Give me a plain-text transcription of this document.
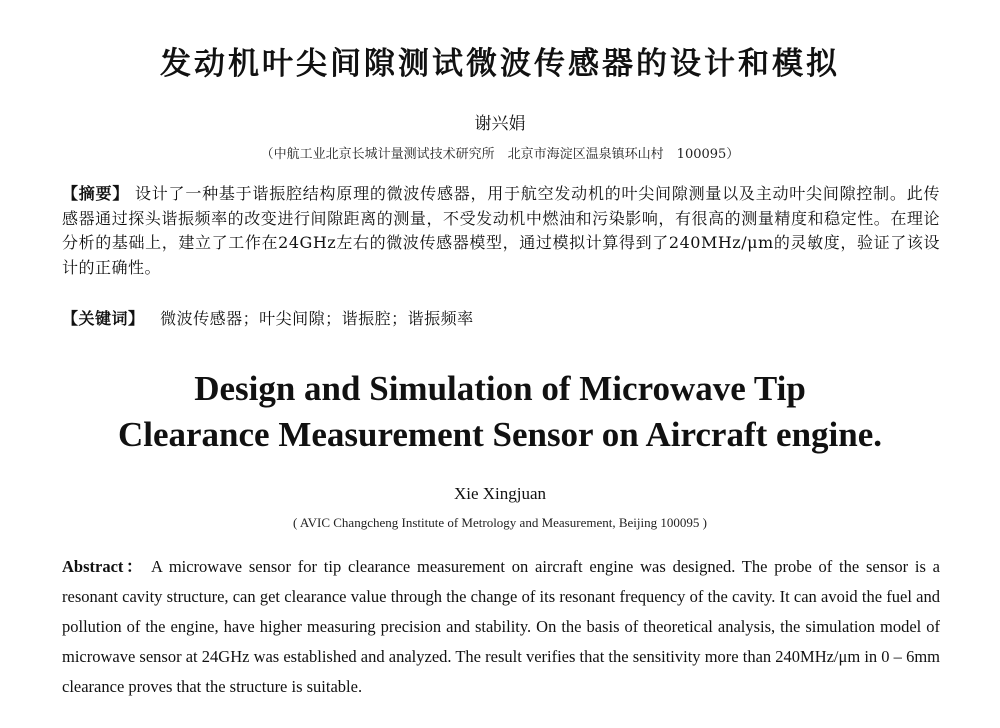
发动机叶尖间隙测试微波传感器的设计和模拟
谢兴娟
（中航工业北京长城计量测试技术研究所　北京市海淀区温泉镇环山村　100095）

【摘要】 设计了一种基于谐振腔结构原理的微波传感器，用于航空发动机的叶尖间隙测量以及主动叶尖间隙控制。此传感器通过探头谐振频率的改变进行间隙距离的测量，不受发动机中燃油和污染影响，有很高的测量精度和稳定性。在理论分析的基础上，建立了工作在24GHz左右的微波传感器模型，通过模拟计算得到了240MHz/μm的灵敏度，验证了该设计的正确性。

【关键词】 微波传感器；叶尖间隙；谐振腔；谐振频率
Design and Simulation of Microwave Tip
Clearance Measurement Sensor on Aircraft engine.
Xie Xingjuan
( AVIC Changcheng Institute of Metrology and Measurement, Beijing 100095 )

Abstract： A microwave sensor for tip clearance measurement on aircraft engine was designed. The probe of the sensor is a resonant cavity structure, can get clearance value through the change of its resonant frequency of the cavity. It can avoid the fuel and pollution of the engine, have higher measuring precision and stability. On the basis of theoretical analysis, the simulation model of microwave sensor at 24GHz was established and analyzed. The result verifies that the sensitivity more than 240MHz/μm in 0 – 6mm clearance proves that the structure is suitable.
